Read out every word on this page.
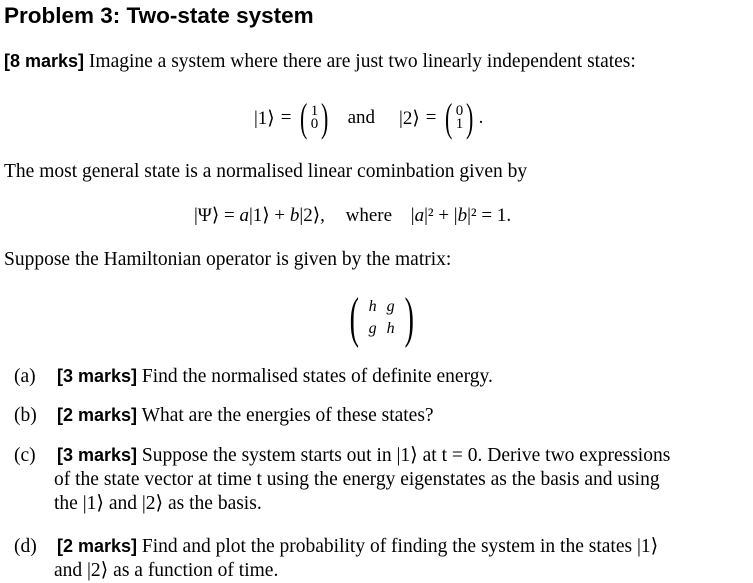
Problem 3: Two-state system
[8 marks] Imagine a system where there are just two linearly independent states:
|1⟩ = ( 1
0 ) and |2⟩ = ( 0
1 ) .
The most general state is a normalised linear cominbation given by
|Ψ⟩ = a|1⟩ + b|2⟩, where |a|² + |b|² = 1.
Suppose the Hamiltonian operator is given by the matrix:
( h	g
g	h )
(a) [3 marks] Find the normalised states of definite energy.
(b) [2 marks] What are the energies of these states?
(c) [3 marks] Suppose the system starts out in |1⟩ at t = 0. Derive two expressions
of the state vector at time t using the energy eigenstates as the basis and using
the |1⟩ and |2⟩ as the basis.
(d) [2 marks] Find and plot the probability of finding the system in the states |1⟩
and |2⟩ as a function of time.
